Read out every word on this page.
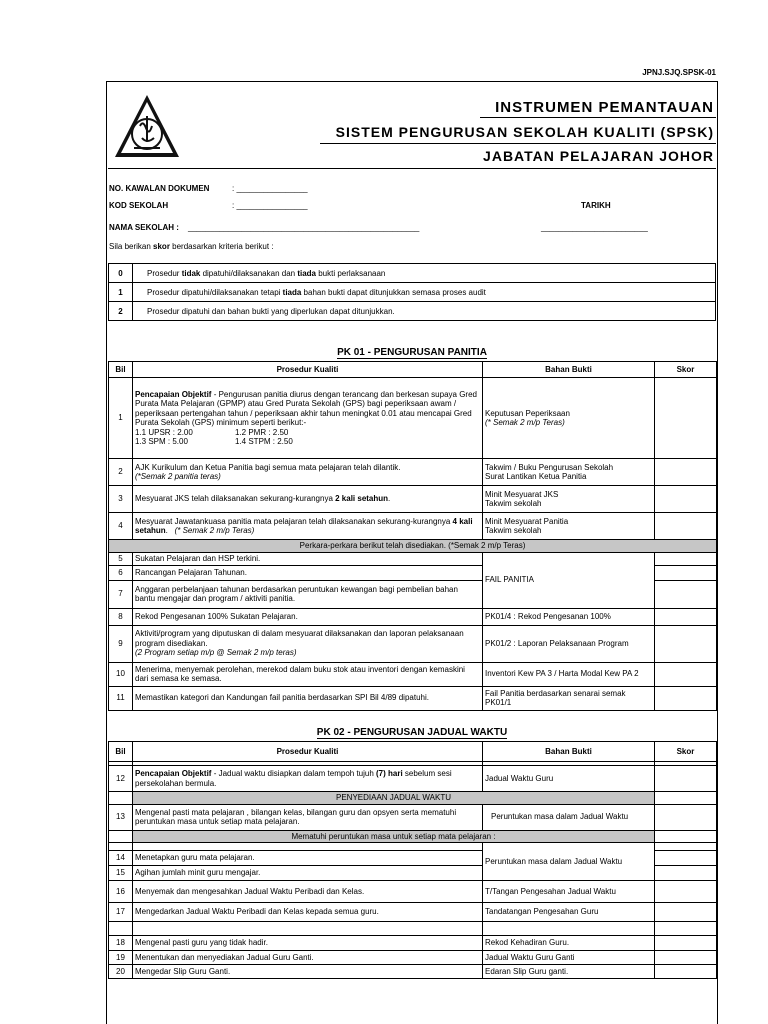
JPNJ.SJQ.SPSK-01
INSTRUMEN PEMANTAUAN
SISTEM PENGURUSAN SEKOLAH KUALITI (SPSK)
JABATAN PELAJARAN JOHOR
NO. KAWALAN DOKUMEN	: ________________
KOD SEKOLAH	: ________________	TARIKH
NAMA SEKOLAH : ____________________________________________________	________________________
Sila berikan skor berdasarkan kriteria berikut :
0	Prosedur tidak dipatuhi/dilaksanakan dan tiada bukti perlaksanaan
1	Prosedur dipatuhi/dilaksanakan tetapi tiada bahan bukti dapat ditunjukkan semasa proses audit
2	Prosedur dipatuhi dan bahan bukti yang diperlukan dapat ditunjukkan.
PK 01 - PENGURUSAN PANITIA
Bil	Prosedur Kualiti	Bahan Bukti	Skor
1	Pencapaian Objektif - Pengurusan panitia diurus dengan terancang dan berkesan supaya Gred Purata Mata Pelajaran (GPMP) atau Gred Purata Sekolah (GPS) bagi peperiksaan awam / peperiksaan pertengahan tahun / peperiksaan akhir tahun meningkat 0.01 atau mencapai Gred Purata Sekolah (GPS) minimum seperti berikut:-
1.1 UPSR : 2.00 1.2 PMR : 2.50
1.3 SPM : 5.00 1.4 STPM : 2.50	Keputusan Peperiksaan
(* Semak 2 m/p Teras)	
2	AJK Kurikulum dan Ketua Panitia bagi semua mata pelajaran telah dilantik.
(*Semak 2 panitia teras)	Takwim / Buku Pengurusan Sekolah
Surat Lantikan Ketua Panitia	
3	Mesyuarat JKS telah dilaksanakan sekurang-kurangnya 2 kali setahun.	Minit Mesyuarat JKS
Takwim sekolah	
4	Mesyuarat Jawatankuasa panitia mata pelajaran telah dilaksanakan sekurang-kurangnya 4 kali setahun. (* Semak 2 m/p Teras)	Minit Mesyuarat Panitia
Takwim sekolah	
Perkara-perkara berikut telah disediakan. (*Semak 2 m/p Teras)			
5	Sukatan Pelajaran dan HSP terkini.	FAIL PANITIA	
6	Rancangan Pelajaran Tahunan.		
7	Anggaran perbelanjaan tahunan berdasarkan peruntukan kewangan bagi pembelian bahan bantu mengajar dan program / aktiviti panitia.		
8	Rekod Pengesanan 100% Sukatan Pelajaran.	PK01/4 : Rekod Pengesanan 100%	
9	Aktiviti/program yang diputuskan di dalam mesyuarat dilaksanakan dan laporan pelaksanaan program disediakan.
(2 Program setiap m/p @ Semak 2 m/p teras)	PK01/2 : Laporan Pelaksanaan Program	
10	Menerima, menyemak perolehan, merekod dalam buku stok atau inventori dengan kemaskini dari semasa ke semasa.	Inventori Kew PA 3 / Harta Modal Kew PA 2	
11	Memastikan kategori dan Kandungan fail panitia berdasarkan SPI Bil 4/89 dipatuhi.	Fail Panitia berdasarkan senarai semak PK01/1	
PK 02 - PENGURUSAN JADUAL WAKTU
Bil	Prosedur Kualiti	Bahan Bukti	Skor

12	Pencapaian Objektif - Jadual waktu disiapkan dalam tempoh tujuh (7) hari sebelum sesi persekolahan bermula.	Jadual Waktu Guru	
	PENYEDIAAN JADUAL WAKTU		
13	Mengenal pasti mata pelajaran , bilangan kelas, bilangan guru dan opsyen serta mematuhi peruntukan masa untuk setiap mata pelajaran.	Peruntukan masa dalam Jadual Waktu	
	Mematuhi peruntukan masa untuk setiap mata pelajaran :		
		Peruntukan masa dalam Jadual Waktu	
14	Menetapkan guru mata pelajaran.		
15	Agihan jumlah minit guru mengajar.		
16	Menyemak dan mengesahkan Jadual Waktu Peribadi dan Kelas.	T/Tangan Pengesahan Jadual Waktu	
17	Mengedarkan Jadual Waktu Peribadi dan Kelas kepada semua guru.	Tandatangan Pengesahan Guru	

18	Mengenal pasti guru yang tidak hadir.	Rekod Kehadiran Guru.	
19	Menentukan dan menyediakan Jadual Guru Ganti.	Jadual Waktu Guru Ganti	
20	Mengedar Slip Guru Ganti.	Edaran Slip Guru ganti.	
